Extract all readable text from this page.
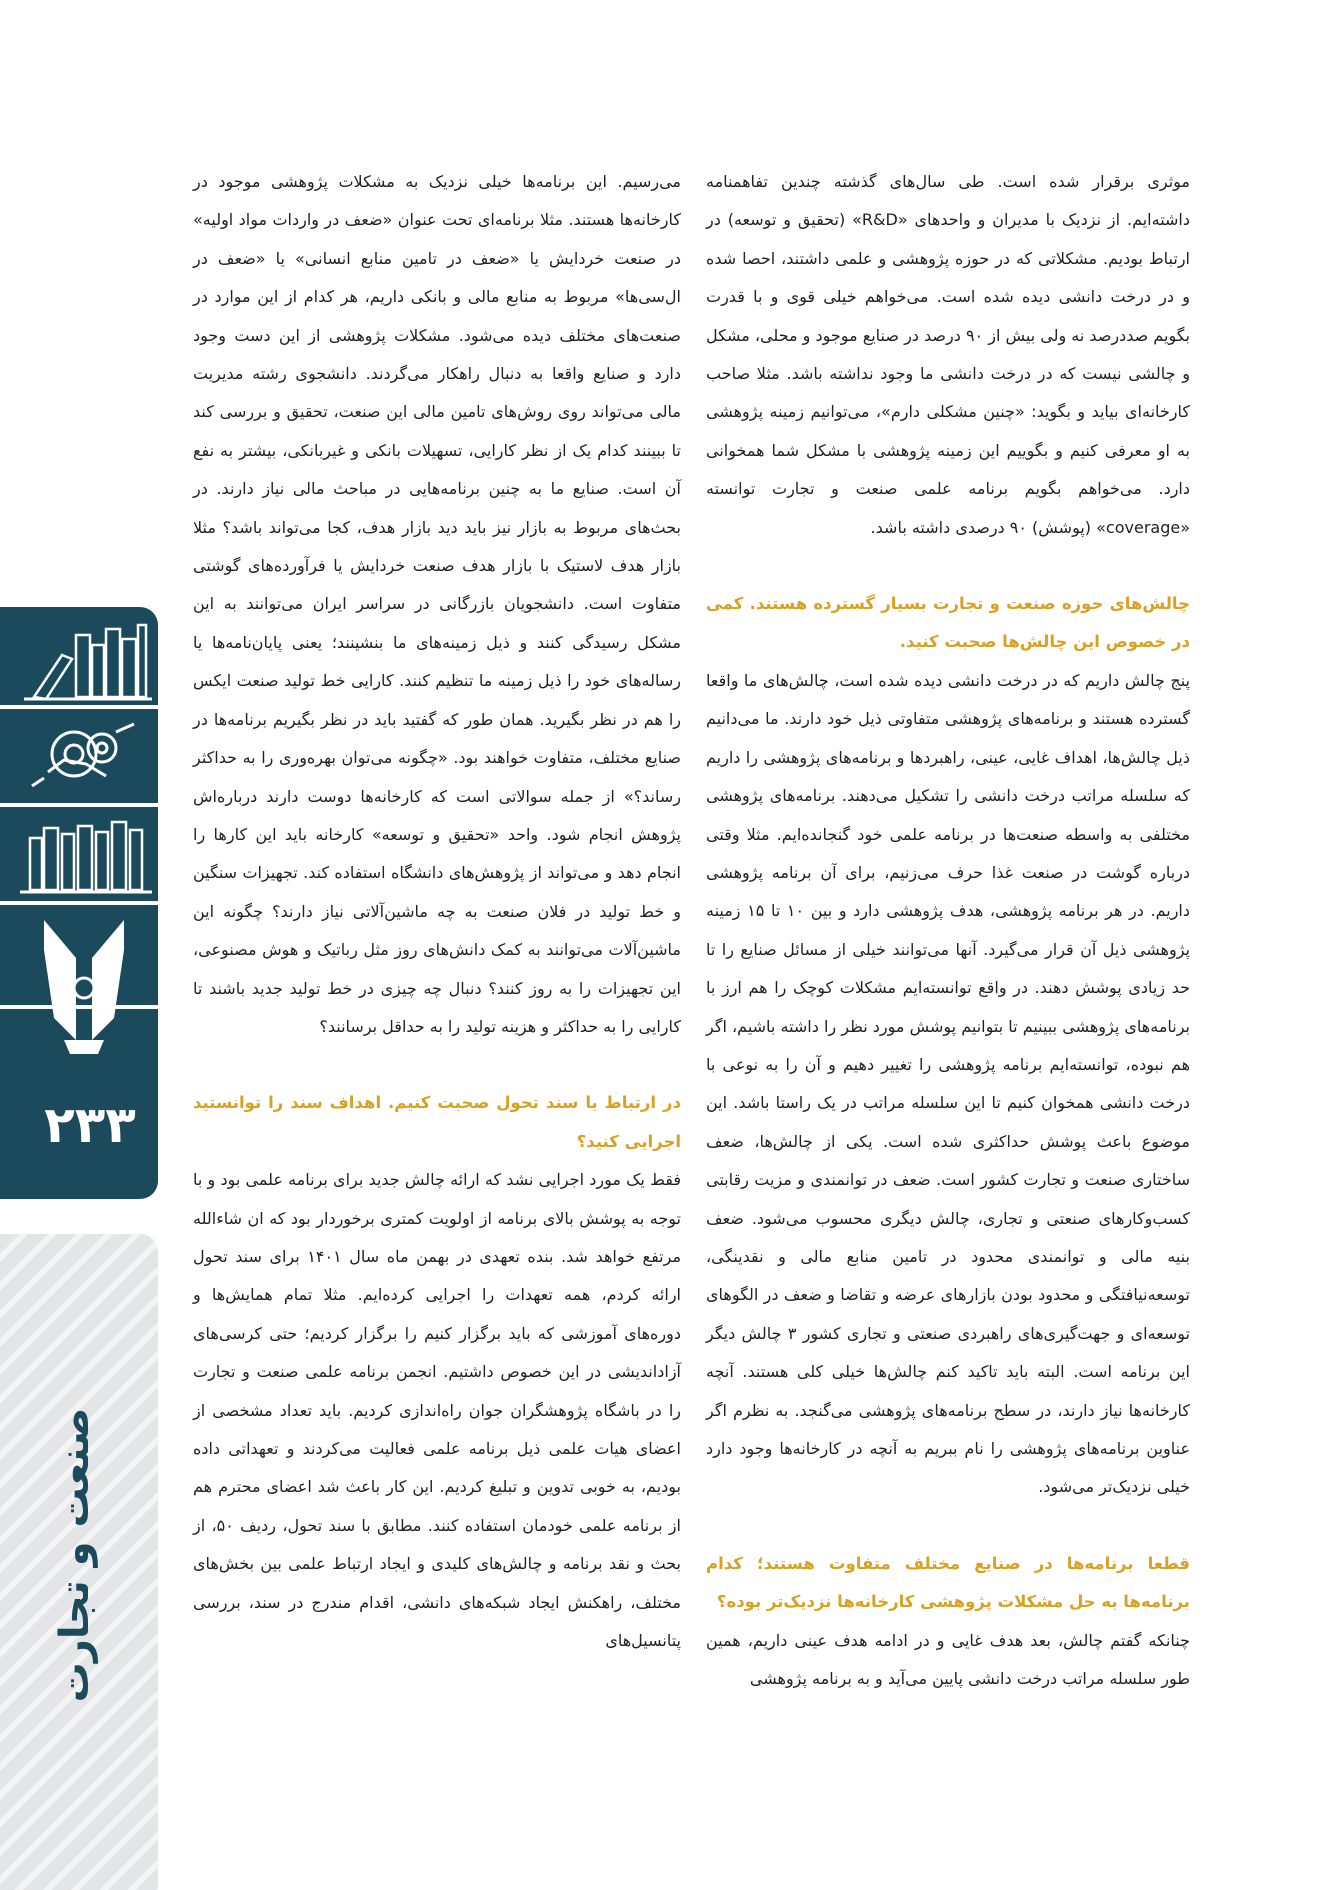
موثری برقرار شده است. طی سال‌های گذشته چندین تفاهمنامه داشته‌ایم. از نزدیک با مدیران و واحدهای «R&D» (تحقیق و توسعه) در ارتباط بودیم. مشکلاتی که در حوزه پژوهشی و علمی داشتند، احصا شده و در درخت دانشی دیده شده است. می‌خواهم خیلی قوی و با قدرت بگویم صددرصد نه ولی بیش از ۹۰ درصد در صنایع موجود و محلی، مشکل و چالشی نیست که در درخت دانشی ما وجود نداشته باشد. مثلا صاحب کارخانه‌ای بیاید و بگوید: «چنین مشکلی دارم»، می‌توانیم زمینه پژوهشی به او معرفی کنیم و بگوییم این زمینه پژوهشی با مشکل شما همخوانی دارد. می‌خواهم بگویم برنامه علمی صنعت و تجارت توانسته «coverage» (پوشش) ۹۰ درصدی داشته باشد.

چالش‌های حوزه صنعت و تجارت بسیار گسترده هستند. کمی در خصوص این چالش‌ها صحبت کنید.

پنج چالش داریم که در درخت دانشی دیده شده است، چالش‌های ما واقعا گسترده هستند و برنامه‌های پژوهشی متفاوتی ذیل خود دارند. ما می‌دانیم ذیل چالش‌ها، اهداف غایی، عینی، راهبردها و برنامه‌های پژوهشی را داریم که سلسله مراتب درخت دانشی را تشکیل می‌دهند. برنامه‌های پژوهشی مختلفی به واسطه صنعت‌ها در برنامه علمی خود گنجانده‌ایم. مثلا وقتی درباره گوشت در صنعت غذا حرف می‌زنیم، برای آن برنامه پژوهشی داریم. در هر برنامه پژوهشی، هدف پژوهشی دارد و بین ۱۰ تا ۱۵ زمینه پژوهشی ذیل آن قرار می‌گیرد. آنها می‌توانند خیلی از مسائل صنایع را تا حد زیادی پوشش دهند. در واقع توانسته‌ایم مشکلات کوچک را هم ارز با برنامه‌های پژوهشی ببینیم تا بتوانیم پوشش مورد نظر را داشته باشیم، اگر هم نبوده، توانسته‌ایم برنامه پژوهشی را تغییر دهیم و آن را به نوعی با درخت دانشی همخوان کنیم تا این سلسله مراتب در یک راستا باشد. این موضوع باعث پوشش حداکثری شده است. یکی از چالش‌ها، ضعف ساختاری صنعت و تجارت کشور است. ضعف در توانمندی و مزیت رقابتی کسب‌وکارهای صنعتی و تجاری، چالش دیگری محسوب می‌شود. ضعف بنیه مالی و توانمندی محدود در تامین منابع مالی و نقدینگی، توسعه‌نیافتگی و محدود بودن بازارهای عرضه و تقاضا و ضعف در الگوهای توسعه‌ای و جهت‌گیری‌های راهبردی صنعتی و تجاری کشور ۳ چالش دیگر این برنامه است. البته باید تاکید کنم چالش‌ها خیلی کلی هستند. آنچه کارخانه‌ها نیاز دارند، در سطح برنامه‌های پژوهشی می‌گنجد. به نظرم اگر عناوین برنامه‌های پژوهشی را نام ببریم به آنچه در کارخانه‌ها وجود دارد خیلی نزدیک‌تر می‌شود.

قطعا برنامه‌ها در صنایع مختلف متفاوت هستند؛ کدام برنامه‌ها به حل مشکلات پژوهشی کارخانه‌ها نزدیک‌تر بوده؟

چنانکه گفتم چالش، بعد هدف غایی و در ادامه هدف عینی داریم، همین طور سلسله مراتب درخت دانشی پایین می‌آید و به برنامه پژوهشی

می‌رسیم. این برنامه‌ها خیلی نزدیک به مشکلات پژوهشی موجود در کارخانه‌ها هستند. مثلا برنامه‌ای تحت عنوان «ضعف در واردات مواد اولیه» در صنعت خردایش یا «ضعف در تامین منابع انسانی» یا «ضعف در ال‌سی‌ها» مربوط به منابع مالی و بانکی داریم، هر کدام از این موارد در صنعت‌های مختلف دیده می‌شود. مشکلات پژوهشی از این دست وجود دارد و صنایع واقعا به دنبال راهکار می‌گردند. دانشجوی رشته مدیریت مالی می‌تواند روی روش‌های تامین مالی این صنعت، تحقیق و بررسی کند تا ببینند کدام یک از نظر کارایی، تسهیلات بانکی و غیربانکی، بیشتر به نفع آن است. صنایع ما به چنین برنامه‌هایی در مباحث مالی نیاز دارند. در بحث‌های مربوط به بازار نیز باید دید بازار هدف، کجا می‌تواند باشد؟ مثلا بازار هدف لاستیک با بازار هدف صنعت خردایش یا فرآورده‌های گوشتی متفاوت است. دانشجویان بازرگانی در سراسر ایران می‌توانند به این مشکل رسیدگی کنند و ذیل زمینه‌های ما بنشینند؛ یعنی پایان‌نامه‌ها یا رساله‌های خود را ذیل زمینه ما تنظیم کنند. کارایی خط تولید صنعت ایکس را هم در نظر بگیرید. همان طور که گفتید باید در نظر بگیریم برنامه‌ها در صنایع مختلف، متفاوت خواهند بود. «چگونه می‌توان بهره‌وری را به حداکثر رساند؟» از جمله سوالاتی است که کارخانه‌ها دوست دارند درباره‌اش پژوهش انجام شود. واحد «تحقیق و توسعه» کارخانه باید این کارها را انجام دهد و می‌تواند از پژوهش‌های دانشگاه استفاده کند. تجهیزات سنگین و خط تولید در فلان صنعت به چه ماشین‌آلاتی نیاز دارند؟ چگونه این ماشین‌آلات می‌توانند به کمک دانش‌های روز مثل رباتیک و هوش مصنوعی، این تجهیزات را به روز کنند؟ دنبال چه چیزی در خط تولید جدید باشند تا کارایی را به حداکثر و هزینه تولید را به حداقل برسانند؟

در ارتباط با سند تحول صحبت کنیم. اهداف سند را توانستید اجرایی کنید؟

فقط یک مورد اجرایی نشد که ارائه چالش جدید برای برنامه علمی بود و با توجه به پوشش بالای برنامه از اولویت کمتری برخوردار بود که ان شاءالله مرتفع خواهد شد. بنده تعهدی در بهمن ماه سال ۱۴۰۱ برای سند تحول ارائه کردم، همه تعهدات را اجرایی کرده‌ایم. مثلا تمام همایش‌ها و دوره‌های آموزشی که باید برگزار کنیم را برگزار کردیم؛ حتی کرسی‌های آزاداندیشی در این خصوص داشتیم. انجمن برنامه علمی صنعت و تجارت را در باشگاه پژوهشگران جوان راه‌اندازی کردیم. باید تعداد مشخصی از اعضای هیات علمی ذیل برنامه علمی فعالیت می‌کردند و تعهداتی داده بودیم، به خوبی تدوین و تبلیغ کردیم. این کار باعث شد اعضای محترم هم از برنامه علمی خودمان استفاده کنند. مطابق با سند تحول، ردیف ۵۰، از بحث و نقد برنامه و چالش‌های کلیدی و ایجاد ارتباط علمی بین بخش‌های مختلف، راهکنش ایجاد شبکه‌های دانشی، اقدام مندرج در سند، بررسی پتانسیل‌های

۲۳۳
صنعت و تجارت
